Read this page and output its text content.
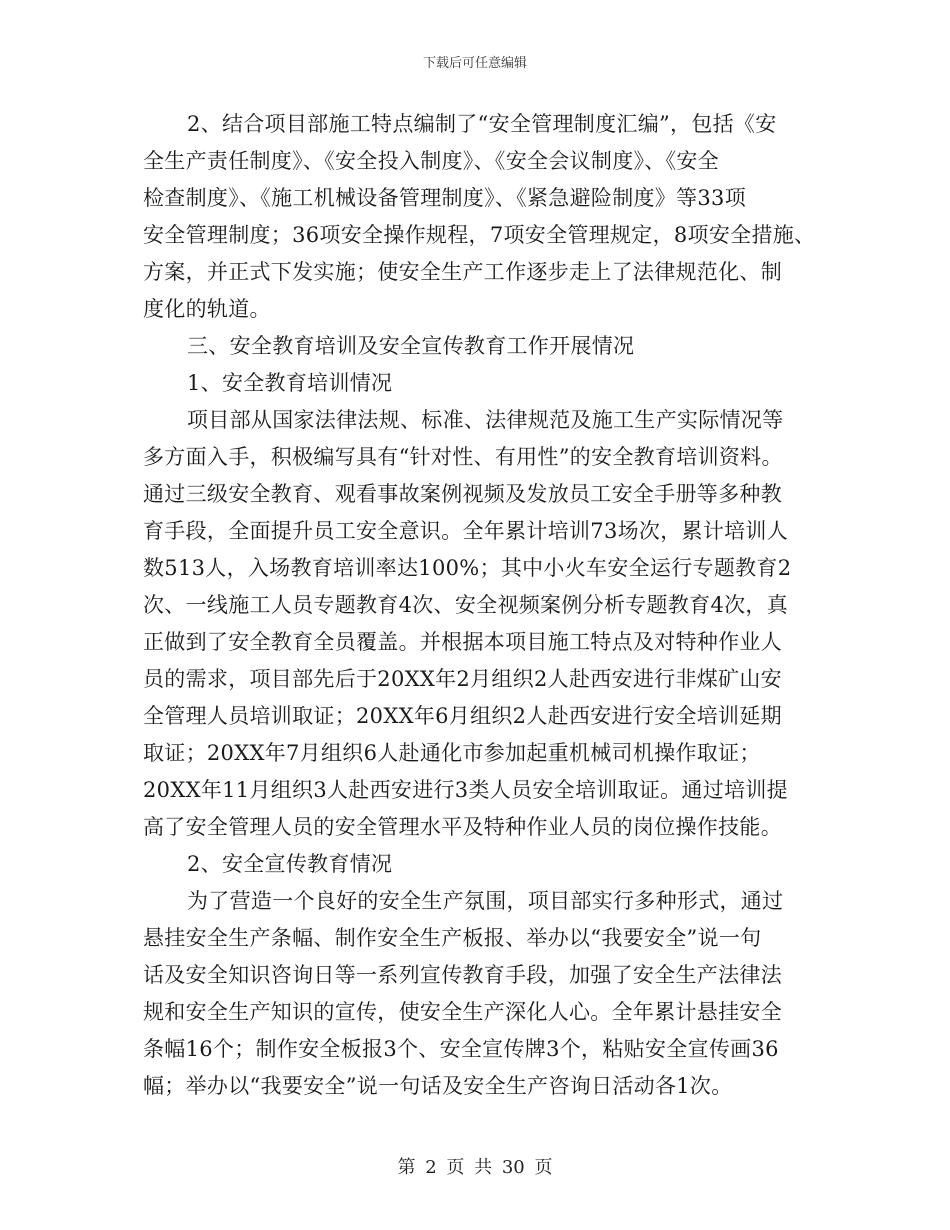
下载后可任意编辑
2、结合项目部施工特点编制了“安全管理制度汇编”，包括《安
全生产责任制度》、《安全投入制度》、《安全会议制度》、《安全
检查制度》、《施工机械设备管理制度》、《紧急避险制度》等33项
安全管理制度；36项安全操作规程，7项安全管理规定，8项安全措施、
方案，并正式下发实施；使安全生产工作逐步走上了法律规范化、制
度化的轨道。
三、安全教育培训及安全宣传教育工作开展情况
1、安全教育培训情况
项目部从国家法律法规、标准、法律规范及施工生产实际情况等
多方面入手，积极编写具有“针对性、有用性”的安全教育培训资料。
通过三级安全教育、观看事故案例视频及发放员工安全手册等多种教
育手段，全面提升员工安全意识。全年累计培训73场次，累计培训人
数513人，入场教育培训率达100%；其中小火车安全运行专题教育2
次、一线施工人员专题教育4次、安全视频案例分析专题教育4次，真
正做到了安全教育全员覆盖。并根据本项目施工特点及对特种作业人
员的需求，项目部先后于20XX年2月组织2人赴西安进行非煤矿山安
全管理人员培训取证；20XX年6月组织2人赴西安进行安全培训延期
取证；20XX年7月组织6人赴通化市参加起重机械司机操作取证；
20XX年11月组织3人赴西安进行3类人员安全培训取证。通过培训提
高了安全管理人员的安全管理水平及特种作业人员的岗位操作技能。
2、安全宣传教育情况
为了营造一个良好的安全生产氛围，项目部实行多种形式，通过
悬挂安全生产条幅、制作安全生产板报、举办以“我要安全”说一句
话及安全知识咨询日等一系列宣传教育手段，加强了安全生产法律法
规和安全生产知识的宣传，使安全生产深化人心。全年累计悬挂安全
条幅16个；制作安全板报3个、安全宣传牌3个，粘贴安全宣传画36
幅；举办以“我要安全”说一句话及安全生产咨询日活动各1次。
第 2 页 共 30 页
